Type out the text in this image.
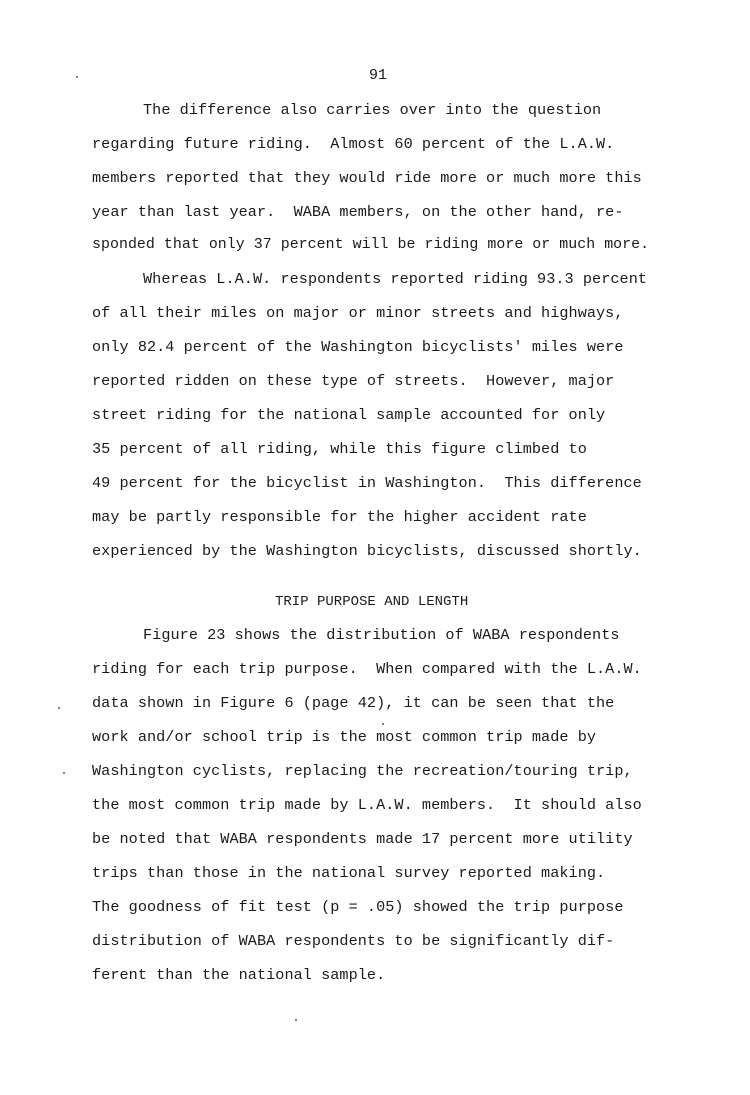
91
The difference also carries over into the question
regarding future riding.  Almost 60 percent of the L.A.W.
members reported that they would ride more or much more this
year than last year.  WABA members, on the other hand, re-
sponded that only 37 percent will be riding more or much more.
Whereas L.A.W. respondents reported riding 93.3 percent
of all their miles on major or minor streets and highways,
only 82.4 percent of the Washington bicyclists' miles were
reported ridden on these type of streets.  However, major
street riding for the national sample accounted for only
35 percent of all riding, while this figure climbed to
49 percent for the bicyclist in Washington.  This difference
may be partly responsible for the higher accident rate
experienced by the Washington bicyclists, discussed shortly.
TRIP PURPOSE AND LENGTH
Figure 23 shows the distribution of WABA respondents
riding for each trip purpose.  When compared with the L.A.W.
data shown in Figure 6 (page 42), it can be seen that the
work and/or school trip is the most common trip made by
Washington cyclists, replacing the recreation/touring trip,
the most common trip made by L.A.W. members.  It should also
be noted that WABA respondents made 17 percent more utility
trips than those in the national survey reported making.
The goodness of fit test (p = .05) showed the trip purpose
distribution of WABA respondents to be significantly dif-
ferent than the national sample.
